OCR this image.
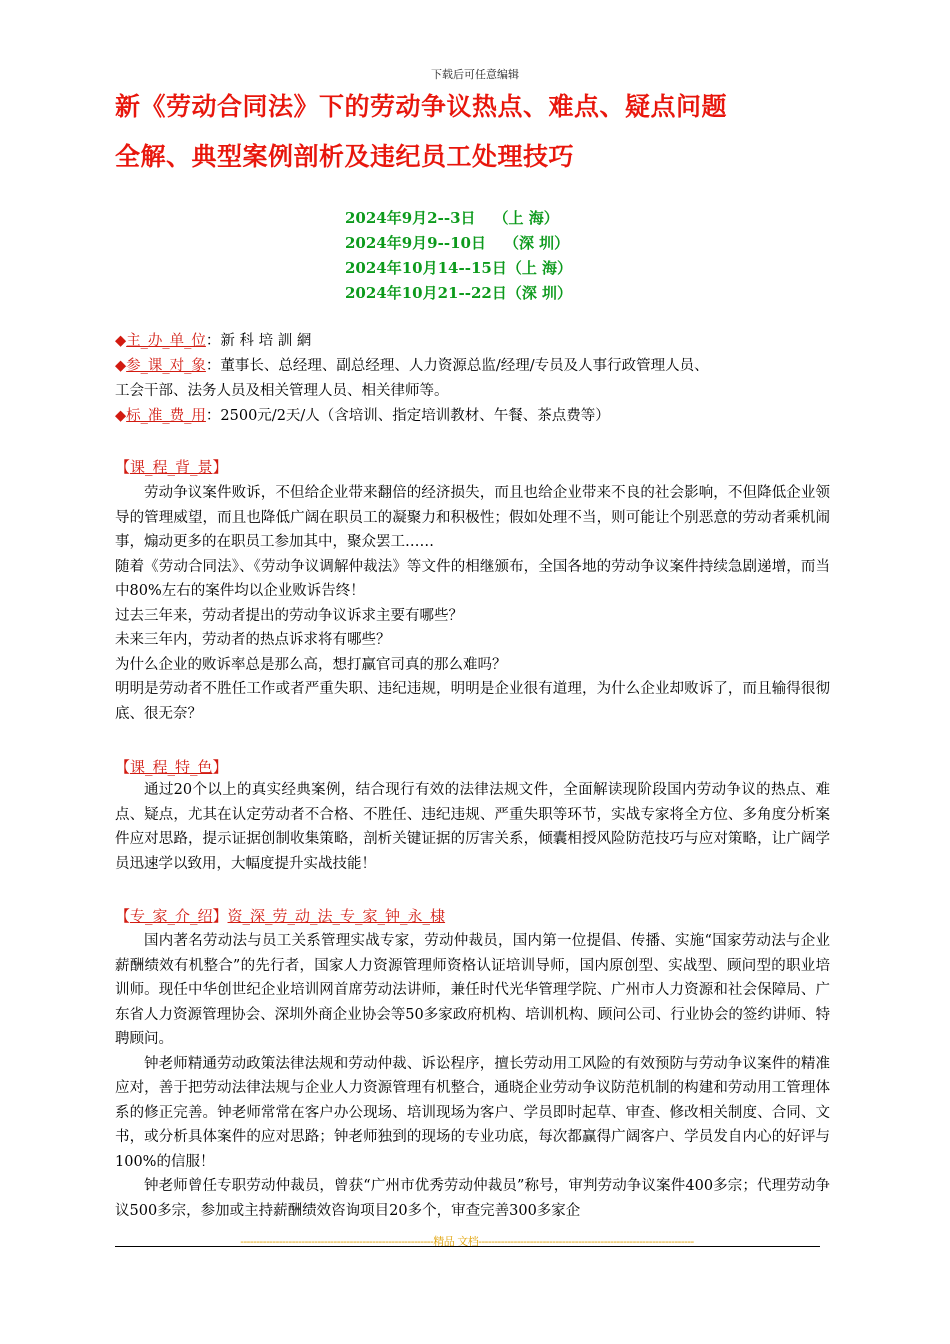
下载后可任意编辑
新《劳动合同法》下的劳动争议热点、难点、疑点问题
全解、典型案例剖析及违纪员工处理技巧
2024年9月2--3日 （上 海）
2024年9月9--10日 （深 圳）
2024年10月14--15日（上 海）
2024年10月21--22日（深 圳）
◆主_办_单_位：新 科 培 訓 網
◆参_课_对_象：董事长、总经理、副总经理、人力资源总监/经理/专员及人事行政管理人员、
工会干部、法务人员及相关管理人员、相关律师等。
◆标_准_费_用：2500元/2天/人（含培训、指定培训教材、午餐、茶点费等）
【课_程_背_景】

劳动争议案件败诉，不但给企业带来翻倍的经济损失，而且也给企业带来不良的社会影响，不但降低企业领导的管理威望，而且也降低广阔在职员工的凝聚力和积极性；假如处理不当，则可能让个别恶意的劳动者乘机闹事，煽动更多的在职员工参加其中，聚众罢工……

随着《劳动合同法》、《劳动争议调解仲裁法》等文件的相继颁布，全国各地的劳动争议案件持续急剧递增，而当中80%左右的案件均以企业败诉告终！

过去三年来，劳动者提出的劳动争议诉求主要有哪些？

未来三年内，劳动者的热点诉求将有哪些？

为什么企业的败诉率总是那么高，想打赢官司真的那么难吗？

明明是劳动者不胜任工作或者严重失职、违纪违规，明明是企业很有道理，为什么企业却败诉了，而且输得很彻底、很无奈？

【课_程_特_色】

通过20个以上的真实经典案例，结合现行有效的法律法规文件，全面解读现阶段国内劳动争议的热点、难点、疑点，尤其在认定劳动者不合格、不胜任、违纪违规、严重失职等环节，实战专家将全方位、多角度分析案件应对思路，提示证据创制收集策略，剖析关键证据的厉害关系，倾囊相授风险防范技巧与应对策略，让广阔学员迅速学以致用，大幅度提升实战技能！

【专_家_介_绍】资_深_劳_动_法_专_家_钟_永_棣

国内著名劳动法与员工关系管理实战专家，劳动仲裁员，国内第一位提倡、传播、实施“国家劳动法与企业薪酬绩效有机整合”的先行者，国家人力资源管理师资格认证培训导师，国内原创型、实战型、顾问型的职业培训师。现任中华创世纪企业培训网首席劳动法讲师，兼任时代光华管理学院、广州市人力资源和社会保障局、广东省人力资源管理协会、深圳外商企业协会等50多家政府机构、培训机构、顾问公司、行业协会的签约讲师、特聘顾问。

钟老师精通劳动政策法律法规和劳动仲裁、诉讼程序，擅长劳动用工风险的有效预防与劳动争议案件的精准应对，善于把劳动法律法规与企业人力资源管理有机整合，通晓企业劳动争议防范机制的构建和劳动用工管理体系的修正完善。钟老师常常在客户办公现场、培训现场为客户、学员即时起草、审查、修改相关制度、合同、文书，或分析具体案件的应对思路；钟老师独到的现场的专业功底，每次都赢得广阔客户、学员发自内心的好评与100%的信服！

钟老师曾任专职劳动仲裁员，曾获“广州市优秀劳动仲裁员”称号，审判劳动争议案件400多宗；代理劳动争议500多宗，参加或主持薪酬绩效咨询项目20多个，审查完善300多家企

------------------------------------------------------------精品 文档-------------------------------------------------------------------
